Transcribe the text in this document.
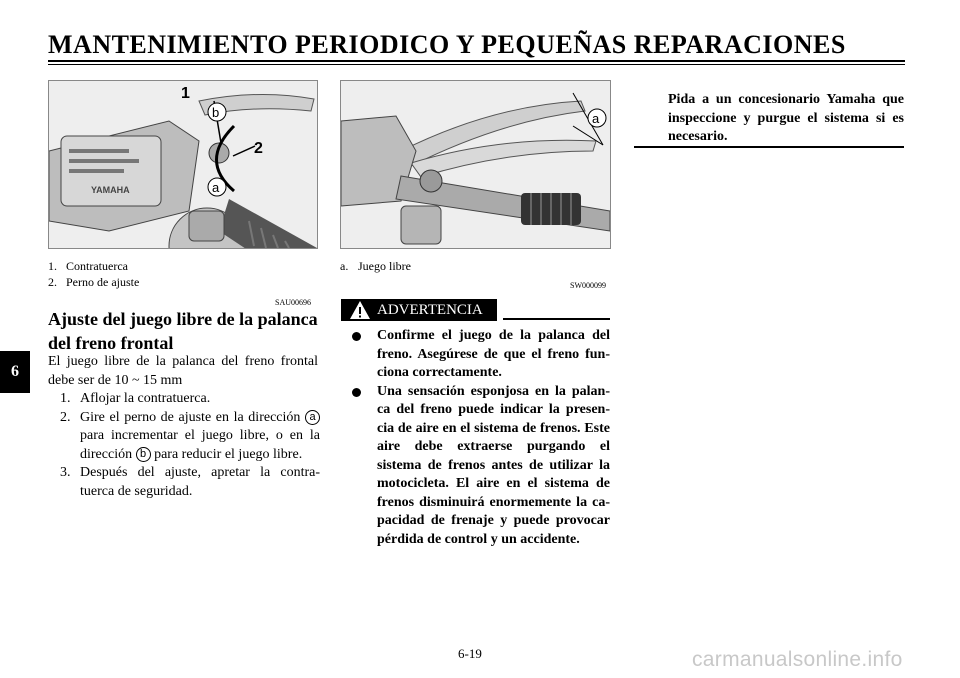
MANTENIMIENTO PERIODICO Y PEQUEÑAS REPARACIONES
6
YAMAHA
1
2
b
a
a
1. Contratuerca
2. Perno de ajuste
a. Juego libre
SAU00696
SW000099
Ajuste del juego libre de la palanca del freno frontal
El juego libre de la palanca del freno frontal debe ser de 10 ~ 15 mm
1. Aflojar la contratuerca.
2. Gire el perno de ajuste en la dirección a para incrementar el juego libre, o en la dirección b para reducir el juego libre.
3. Después del ajuste, apretar la contra-tuerca de seguridad.
ADVERTENCIA
Confirme el juego de la palanca del freno. Asegúrese de que el freno fun-ciona correctamente.
Una sensación esponjosa en la palan-ca del freno puede indicar la presen-cia de aire en el sistema de frenos. Este aire debe extraerse purgando el sistema de frenos antes de utilizar la motocicleta. El aire en el sistema de frenos disminuirá enormemente la ca-pacidad de frenaje y puede provocar pérdida de control y un accidente.
Pida a un concesionario Yamaha que inspeccione y purgue el sistema si es necesario.
6-19	carmanualsonline.info
